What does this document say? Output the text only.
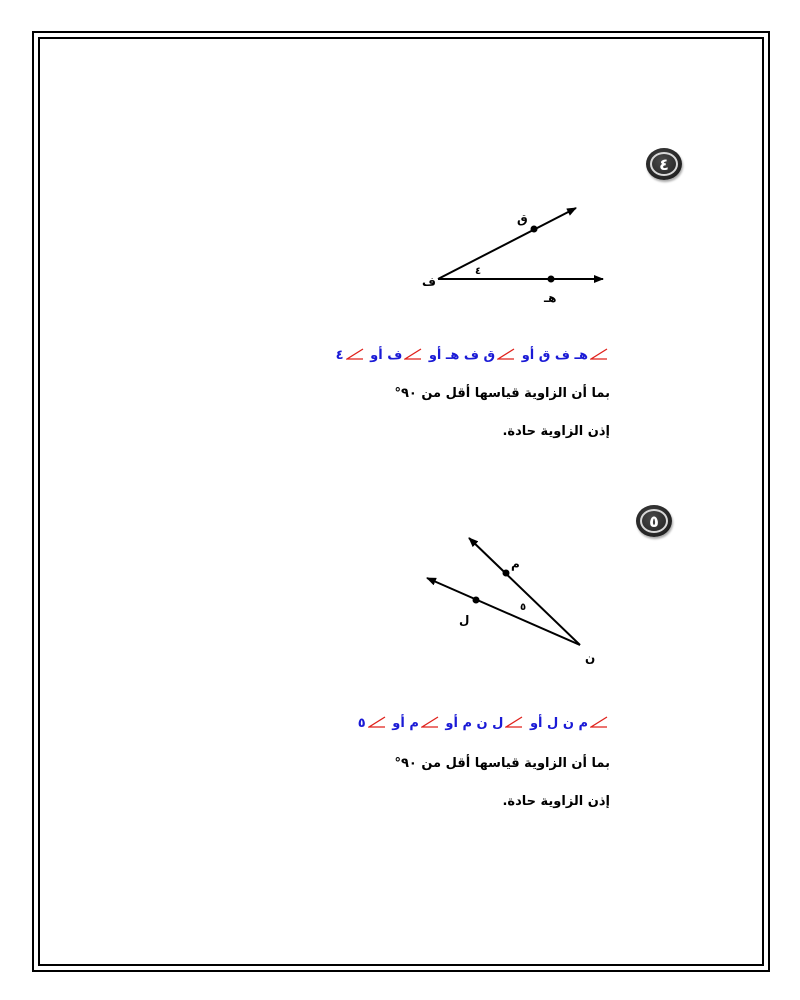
٤
ف
ق
هـ
٤
هـ ف ق أو
ق ف هـ أو
ف أو
٤
بما أن الزاوية قياسها أقل من ٩٠°
إذن الزاوية حادة.
٥
م
ل
ن
٥
م ن ل أو
ل ن م أو
م أو
٥
بما أن الزاوية قياسها أقل من ٩٠°
إذن الزاوية حادة.
